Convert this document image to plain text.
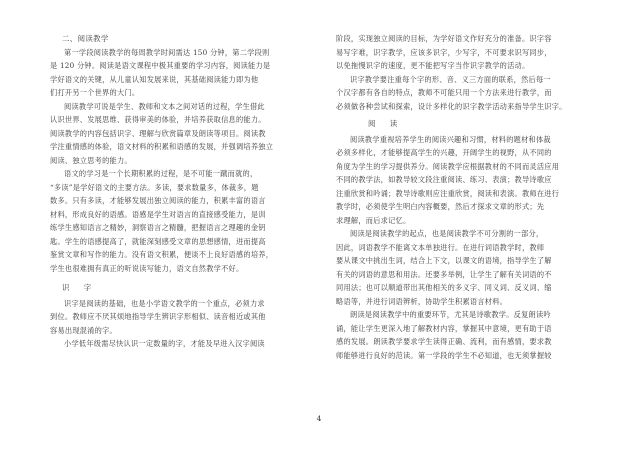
二、阅读教学
第一学段阅读教学的每周教学时间需达 150 分钟，第二学段则
是 120 分钟。阅读是语文课程中极其重要的学习内容，阅读能力是
学好语文的关键，从儿童认知发展来说，其基础阅读能力即为他
们打开另一个世界的大门。
阅读教学可说是学生、教师和文本之间对话的过程，学生借此
认识世界、发展思维、获得审美的体验，并培养获取信息的能力。
阅读教学的内容包括识字、理解与欣赏篇章及朗读等项目。阅读教
学注重情感的体验，语文材料的积累和语感的发展，并强调培养独立
阅读、独立思考的能力。
语文的学习是一个长期积累的过程，是不可能一蹴而就的，
“多读”是学好语文的主要方法。多读，要求数量多，体裁多，题
数多。只有多读，才能够发展出独立阅读的能力，积累丰富的语言
材料，形成良好的语感。语感是学生对语言的直接感受能力，是训
练学生感知语言之精妙，洞察语言之精髓，把握语言之理趣的金钥
匙。学生的语感提高了，就能深刻感受文章的思想感情，进而提高
鉴赏文章和写作的能力。没有语文积累，便谈不上良好语感的培养，
学生也很难拥有真正的听说读写能力，语文自然教学不好。
识 字
识字是阅读的基础，也是小学语文教学的一个重点，必须力求
到位。教师应不厌其烦地指导学生辨识字形相似、读音相近或其他
容易出现混淆的字。
小学低年级需尽快认识一定数量的字，才能及早进入汉字阅读
阶段，实现独立阅读的目标，为学好语文作好充分的准备。识字容
易写字难，识字教学，应该多识字，少写字，不可要求识写同步，
以免拖慢识字的速度，更不能把写字当作识字教学的活动。
识字教学要注重每个字的形、音、义三方面的联系，然后每一
个汉字都有各自的特点，教师不可能只用一个方法来进行教学，而
必须做各种尝试和探索，设计多样化的识字教学活动来指导学生识字。
阅 读
阅读教学重视培养学生的阅读兴趣和习惯，材料的题材和体裁
必须多样化，才能够提高学生的兴趣，开阔学生的视野，从不同的
角度为学生的学习提供养分。阅读教学应根据教材的不同而灵活应用
不同的教学法，如教导较文段注重阅读、练习、表演；教导诗歌应
注重欣赏和吟诵；教导诗歌则应注重欣赏，阅读和表演。教师在进行
教学时，必须使学生明白内容概要，然后才探求文章的形式；先
求理解，而后求记忆。
阅读是阅读教学的起点，也是阅读教学不可分割的一部分，
因此，词语教学不能离文本单独进行。在进行词语教学时，教师
要从课文中挑出生词，结合上下文，以课文的语境，指导学生了解
有关的词语的意思和用法。还要多举例，让学生了解有关词语的不
同用法；也可以顺道带出其他相关的多义字、同义词、反义词、缩
略语等，并进行词语辨析，协助学生积累语言材料。
朗读是阅读教学中的重要环节，尤其是诗歌教学。反复朗读吟
诵，能让学生更深入地了解教材内容，掌握其中意境，更有助于语
感的发展。朗读教学要求学生读得正确、流利，而有感情，要求教
师能够进行良好的范读。第一学段的学生不必知道，也无须掌握较
4
